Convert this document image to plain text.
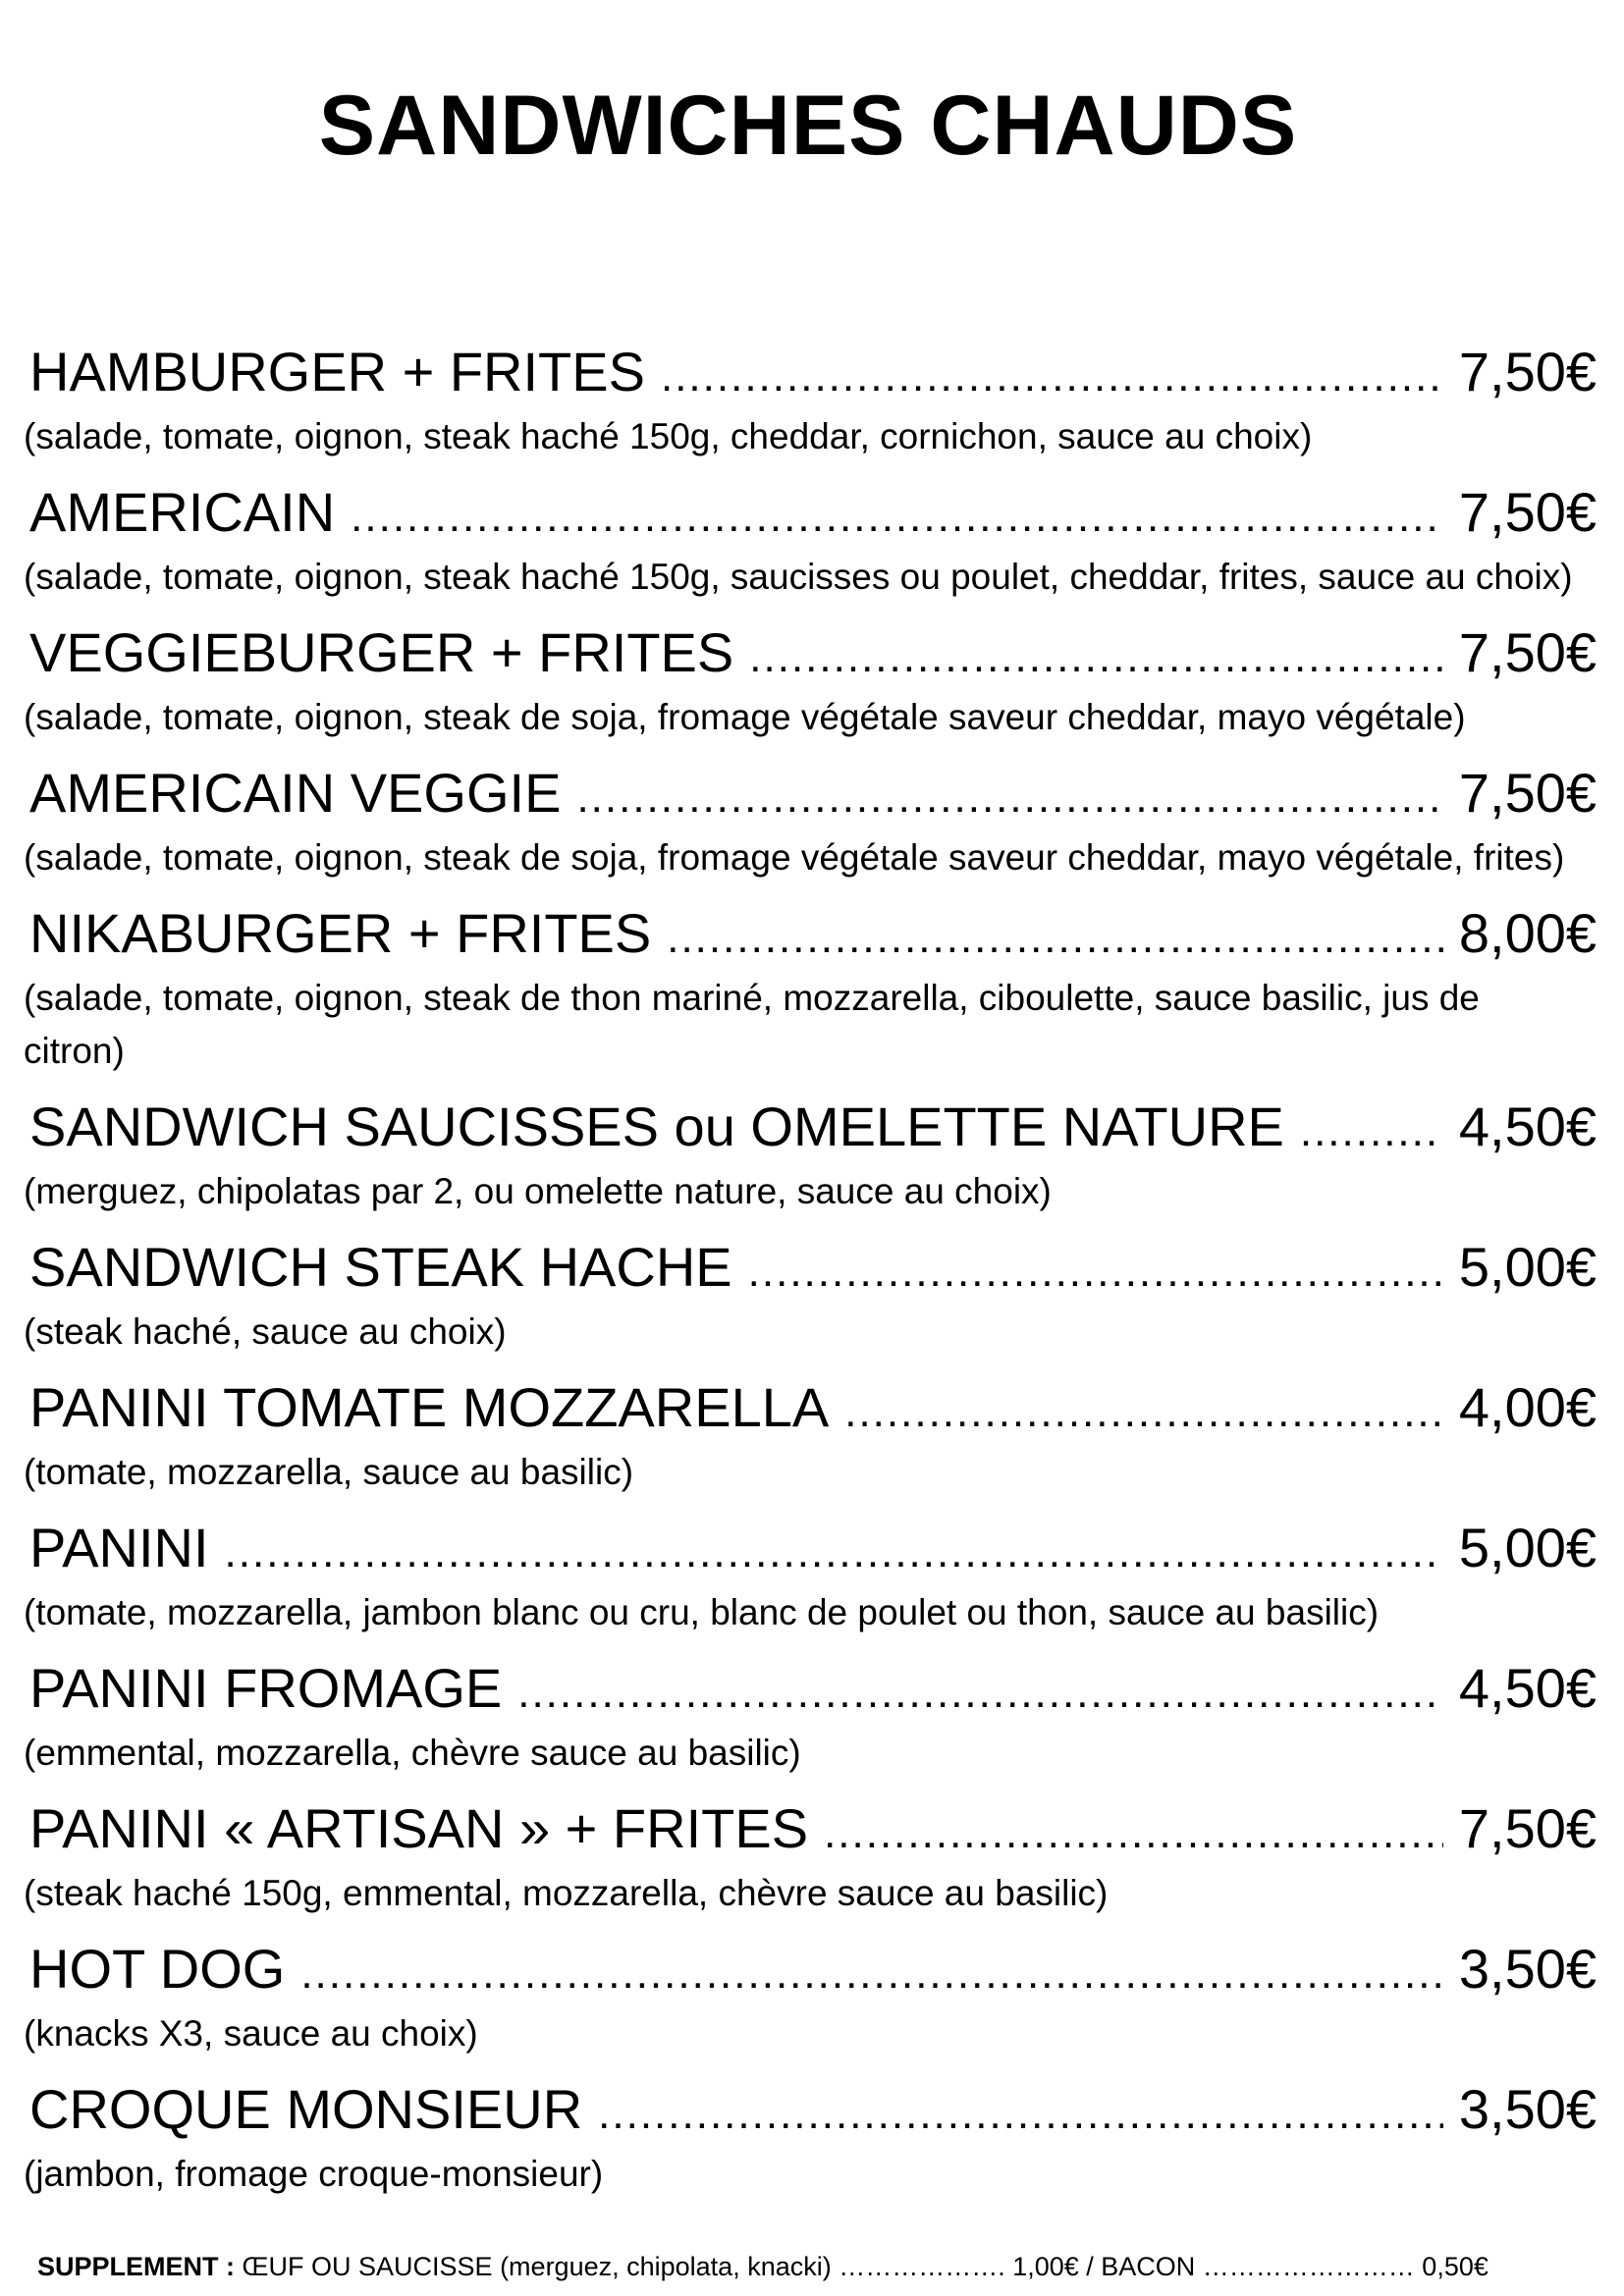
SANDWICHES CHAUDS
HAMBURGER + FRITES .....	7,50€
(salade, tomate, oignon, steak haché 150g, cheddar, cornichon, sauce au choix)
AMERICAIN .....	7,50€
(salade, tomate, oignon, steak haché 150g, saucisses ou poulet, cheddar, frites, sauce au choix)
VEGGIEBURGER + FRITES .....	7,50€
(salade, tomate, oignon, steak de soja, fromage végétale saveur cheddar, mayo végétale)
AMERICAIN VEGGIE .....	7,50€
(salade, tomate, oignon, steak de soja, fromage végétale saveur cheddar, mayo végétale, frites)
NIKABURGER + FRITES .....	8,00€
(salade, tomate, oignon, steak de thon mariné, mozzarella, ciboulette, sauce basilic, jus de citron)
SANDWICH SAUCISSES ou OMELETTE NATURE .....	4,50€
(merguez, chipolatas par 2, ou omelette nature, sauce au choix)
SANDWICH STEAK HACHE .....	5,00€
(steak haché, sauce au choix)
PANINI TOMATE MOZZARELLA .....	4,00€
(tomate, mozzarella, sauce au basilic)
PANINI .....	5,00€
(tomate, mozzarella, jambon blanc ou cru, blanc de poulet ou thon, sauce au basilic)
PANINI FROMAGE .....	4,50€
(emmental, mozzarella, chèvre sauce au basilic)
PANINI « ARTISAN » + FRITES .....	7,50€
(steak haché 150g, emmental, mozzarella, chèvre sauce au basilic)
HOT DOG .....	3,50€
(knacks X3, sauce au choix)
CROQUE MONSIEUR .....	3,50€
(jambon, fromage croque-monsieur)
SUPPLEMENT : ŒUF OU SAUCISSE (merguez, chipolata, knacki) ………………. 1,00€ / BACON …………………… 0,50€
